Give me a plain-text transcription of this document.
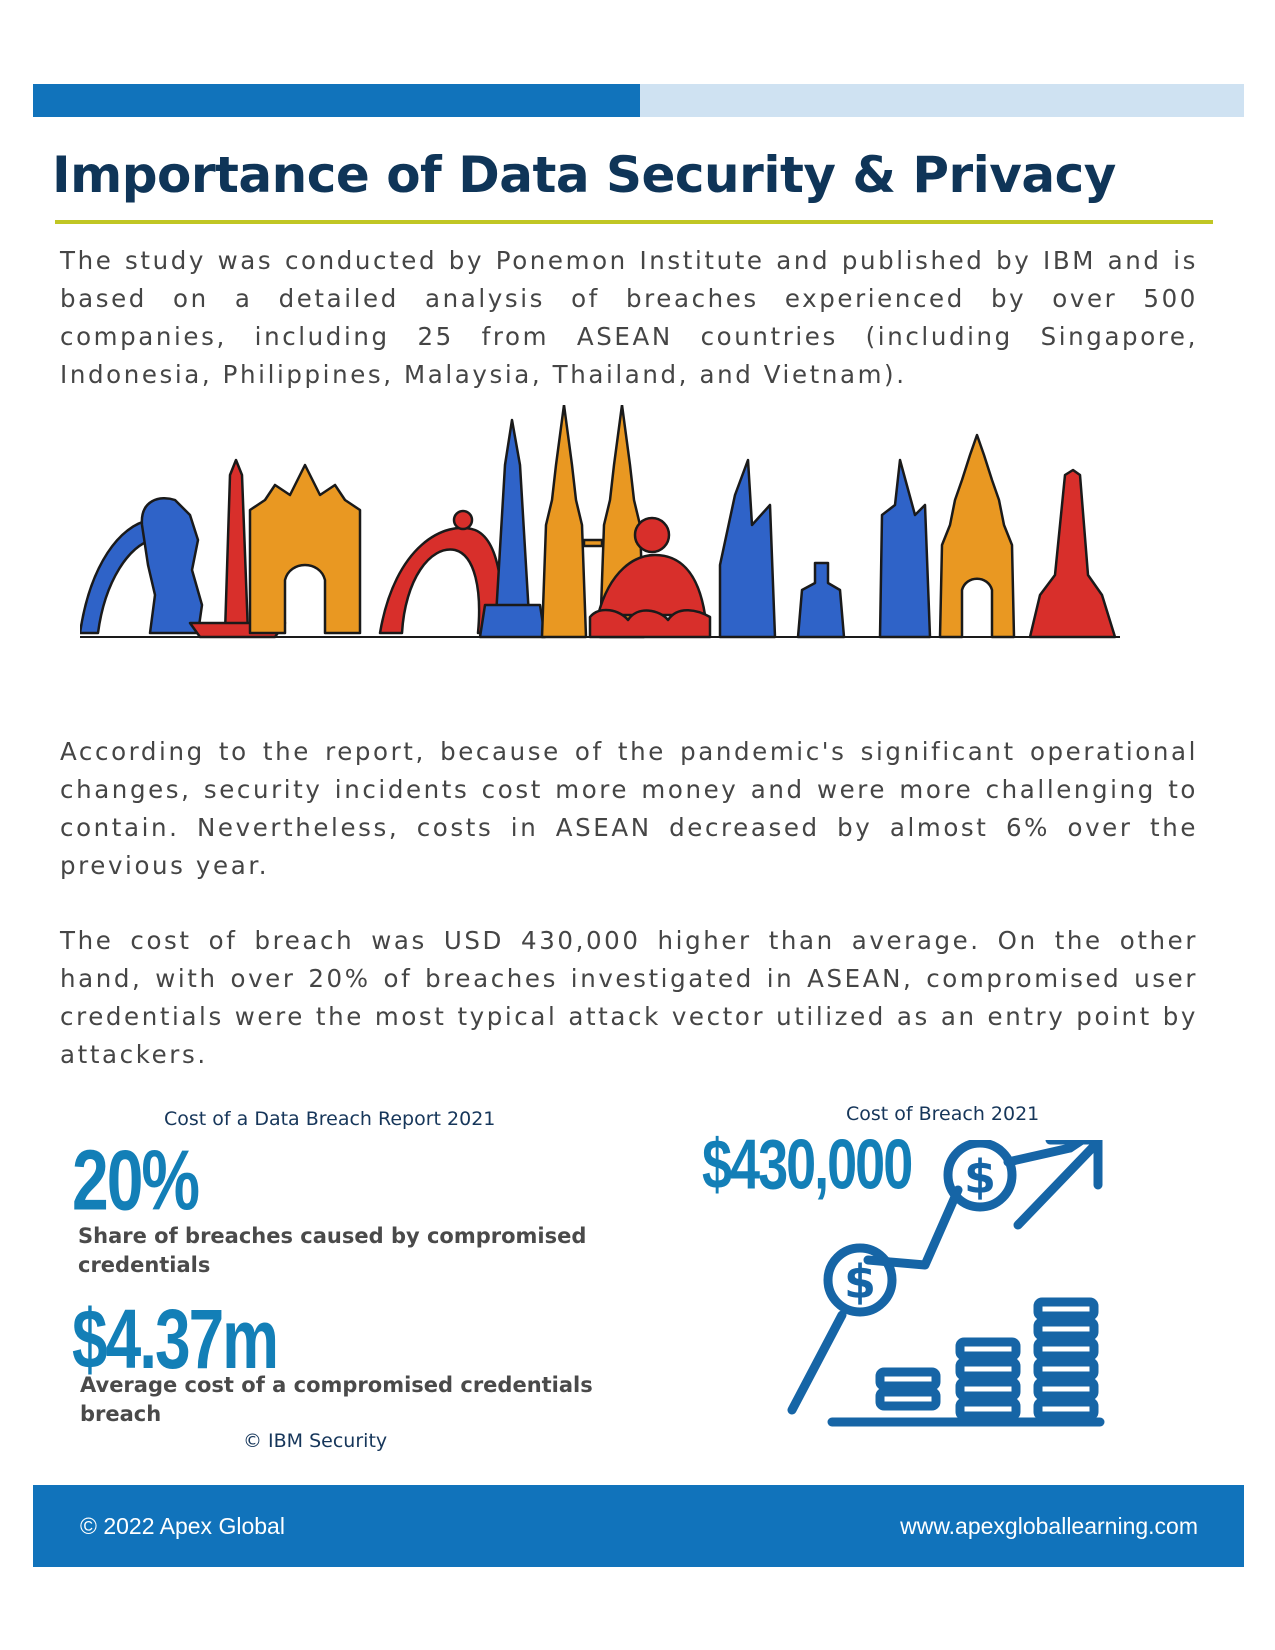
Importance of Data Security & Privacy

The study was conducted by Ponemon Institute and published by IBM and is based on a detailed analysis of breaches experienced by over 500 companies, including 25 from ASEAN countries (including Singapore, Indonesia, Philippines, Malaysia, Thailand, and Vietnam).

According to the report, because of the pandemic's significant operational changes, security incidents cost more money and were more challenging to contain. Nevertheless, costs in ASEAN decreased by almost 6% over the previous year.

The cost of breach was USD 430,000 higher than average. On the other hand, with over 20% of breaches investigated in ASEAN, compromised user credentials were the most typical attack vector utilized as an entry point by attackers.

Cost of a Data Breach Report 2021
20%
Share of breaches caused by compromised credentials
$4.37m
Average cost of a compromised credentials breach
© IBM Security
Cost of Breach 2021
$430,000
$
$
© 2022 Apex Global	www.apexgloballearning.com
